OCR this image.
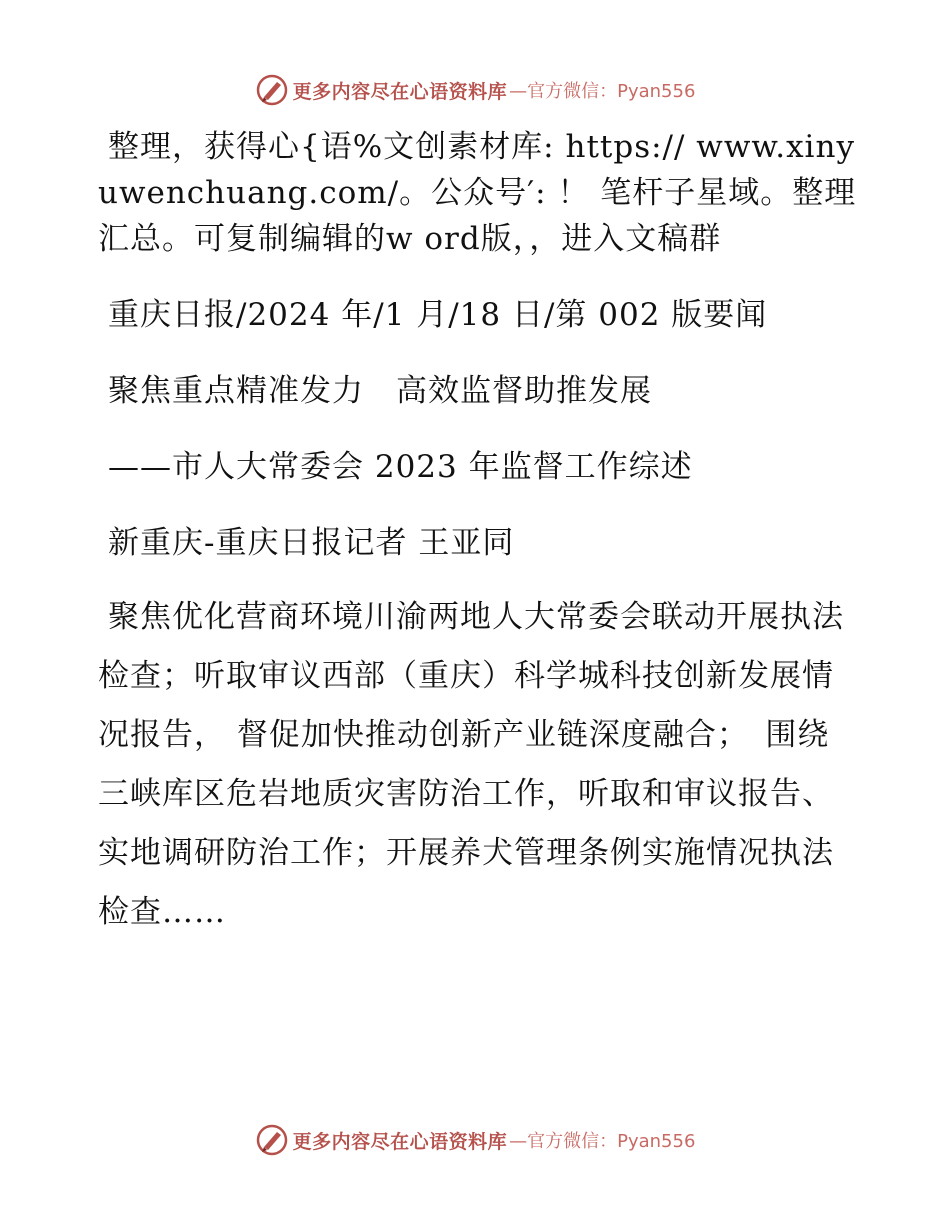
更多内容尽在心语资料库 —官方微信：Pyan556

整理，获得心{语%文创素材库: https:// www.xinyuwenchuang.com/。公众号′: ！ 笔杆子星域。整理汇总。可复制编辑的w ord版，，进入文稿群

重庆日报/2024 年/1 月/18 日/第 002 版要闻

聚焦重点精准发力　高效监督助推发展

——市人大常委会 2023 年监督工作综述

新重庆-重庆日报记者 王亚同

聚焦优化营商环境川渝两地人大常委会联动开展执法检查；听取审议西部（重庆）科学城科技创新发展情况报告， 督促加快推动创新产业链深度融合；　围绕三峡库区危岩地质灾害防治工作，听取和审议报告、实地调研防治工作；开展养犬管理条例实施情况执法检查……

更多内容尽在心语资料库 —官方微信：Pyan556
